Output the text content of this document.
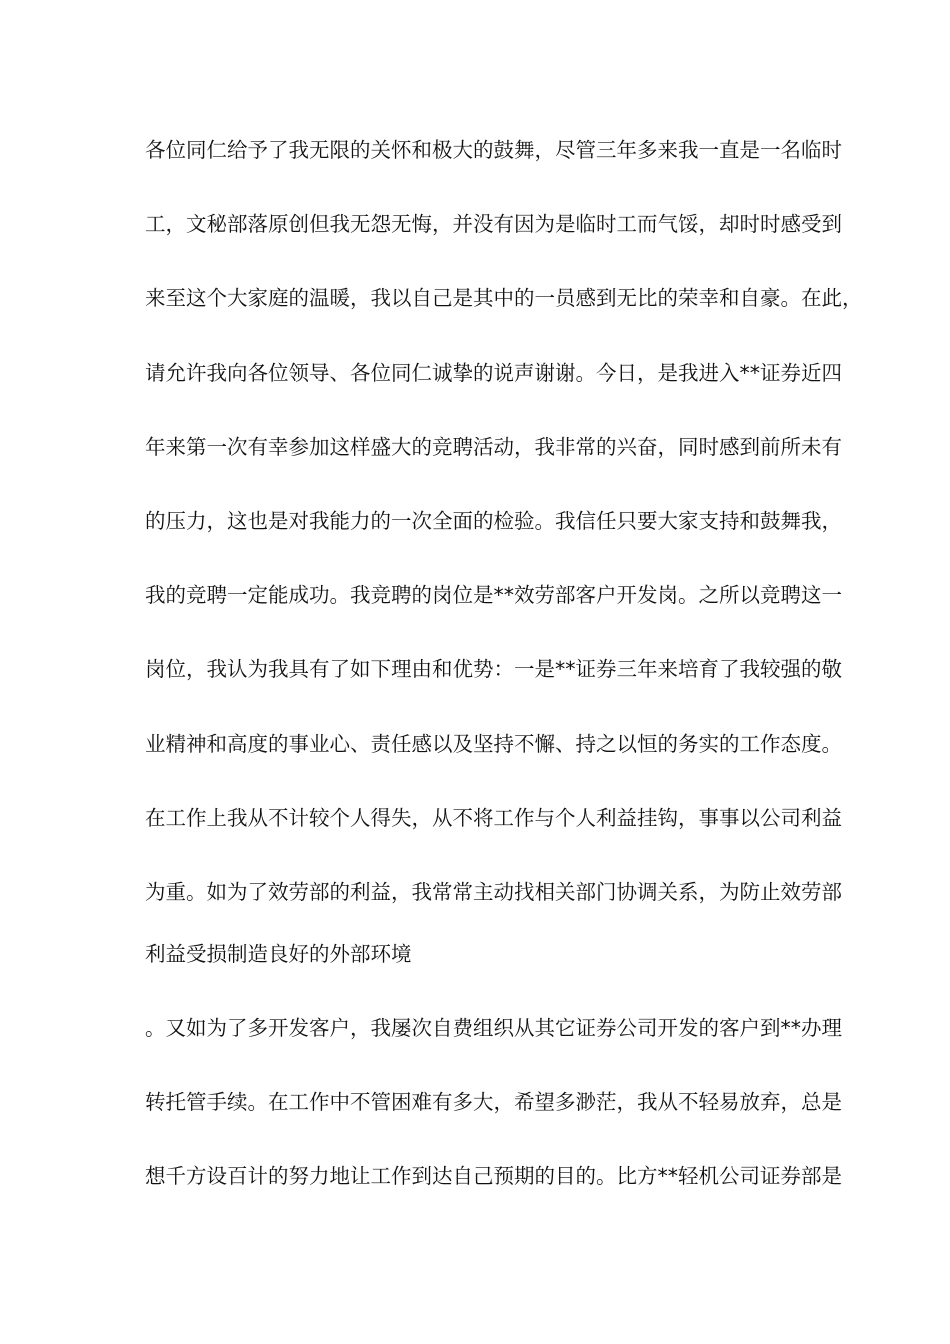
各位同仁给予了我无限的关怀和极大的鼓舞，尽管三年多来我一直是一名临时
工，文秘部落原创但我无怨无悔，并没有因为是临时工而气馁，却时时感受到
来至这个大家庭的温暖，我以自己是其中的一员感到无比的荣幸和自豪。在此，
请允许我向各位领导、各位同仁诚挚的说声谢谢。今日，是我进入**证券近四
年来第一次有幸参加这样盛大的竞聘活动，我非常的兴奋，同时感到前所未有
的压力，这也是对我能力的一次全面的检验。我信任只要大家支持和鼓舞我，
我的竞聘一定能成功。我竞聘的岗位是**效劳部客户开发岗。之所以竞聘这一
岗位，我认为我具有了如下理由和优势：一是**证券三年来培育了我较强的敬
业精神和高度的事业心、责任感以及坚持不懈、持之以恒的务实的工作态度。
在工作上我从不计较个人得失，从不将工作与个人利益挂钩，事事以公司利益
为重。如为了效劳部的利益，我常常主动找相关部门协调关系，为防止效劳部
利益受损制造良好的外部环境
。又如为了多开发客户，我屡次自费组织从其它证券公司开发的客户到**办理
转托管手续。在工作中不管困难有多大，希望多渺茫，我从不轻易放弃，总是
想千方设百计的努力地让工作到达自己预期的目的。比方**轻机公司证券部是
